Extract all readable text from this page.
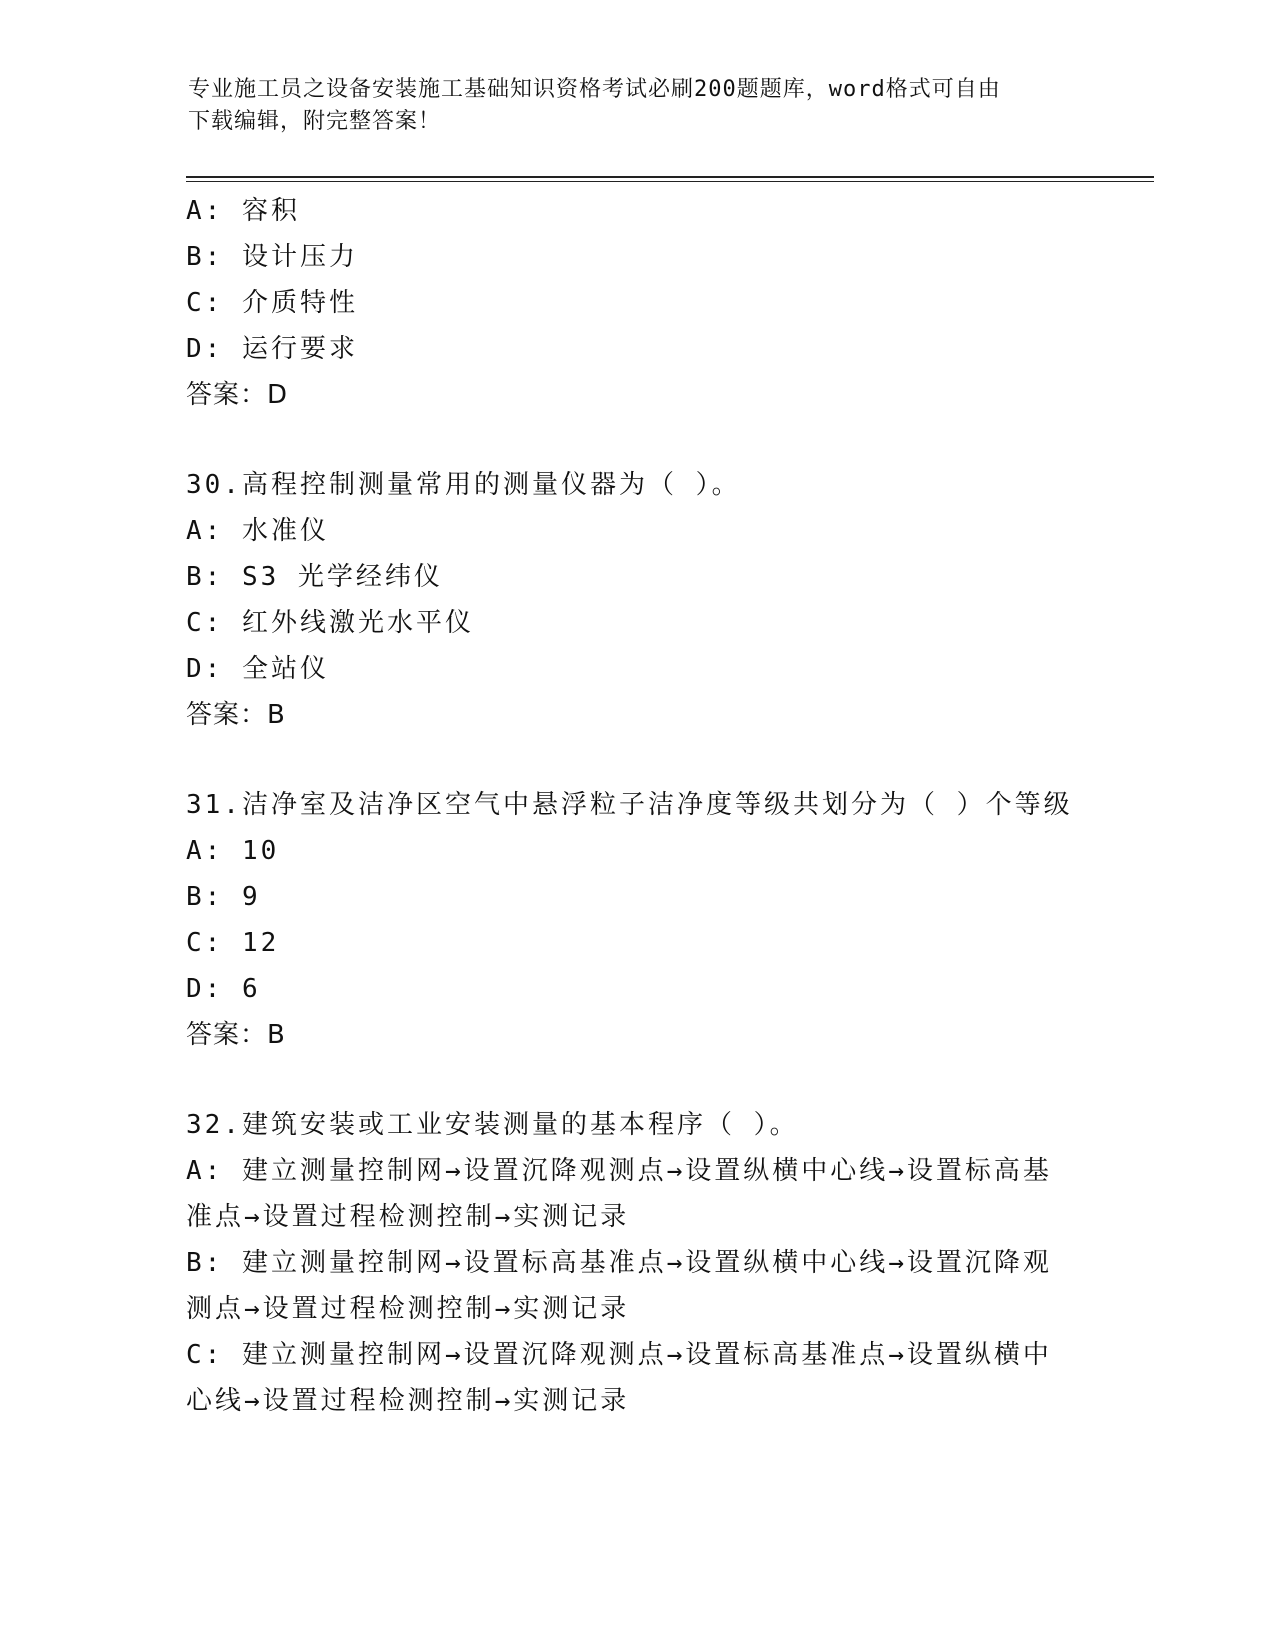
专业施工员之设备安装施工基础知识资格考试必刷200题题库，word格式可自由
下载编辑，附完整答案！
A: 容积
B: 设计压力
C: 介质特性
D: 运行要求
答案：D
30.高程控制测量常用的测量仪器为（ ）。
A: 水准仪
B: S3 光学经纬仪
C: 红外线激光水平仪
D: 全站仪
答案：B
31.洁净室及洁净区空气中悬浮粒子洁净度等级共划分为（ ）个等级
A: 10
B: 9
C: 12
D: 6
答案：B
32.建筑安装或工业安装测量的基本程序（ ）。
A: 建立测量控制网→设置沉降观测点→设置纵横中心线→设置标高基
准点→设置过程检测控制→实测记录
B: 建立测量控制网→设置标高基准点→设置纵横中心线→设置沉降观
测点→设置过程检测控制→实测记录
C: 建立测量控制网→设置沉降观测点→设置标高基准点→设置纵横中
心线→设置过程检测控制→实测记录
